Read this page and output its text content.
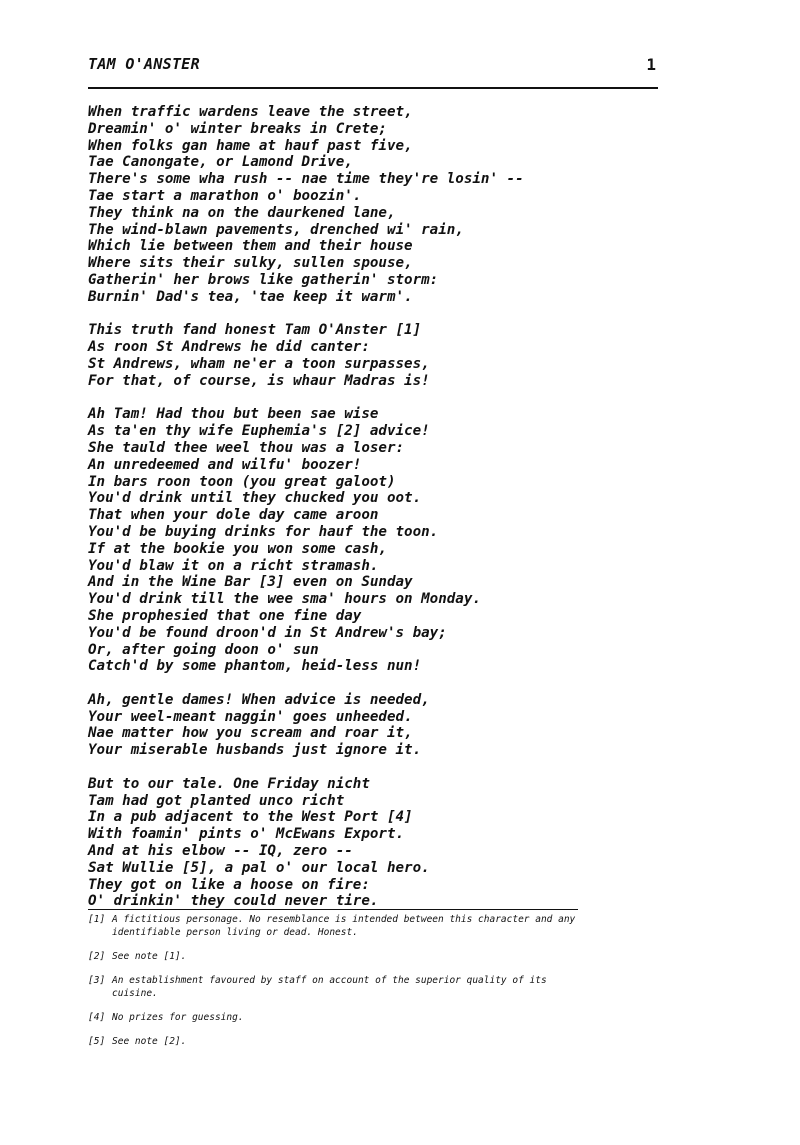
TAM O'ANSTER	1
When traffic wardens leave the street,
Dreamin' o' winter breaks in Crete;
When folks gan hame at hauf past five,
Tae Canongate, or Lamond Drive,
There's some wha rush -- nae time they're losin' --
Tae start a marathon o' boozin'.
They think na on the daurkened lane,
The wind-blawn pavements, drenched wi' rain,
Which lie between them and their house
Where sits their sulky, sullen spouse,
Gatherin' her brows like gatherin' storm:
Burnin' Dad's tea, 'tae keep it warm'.
This truth fand honest Tam O'Anster [1]
As roon St Andrews he did canter:
St Andrews, wham ne'er a toon surpasses,
For that, of course, is whaur Madras is!
Ah Tam! Had thou but been sae wise
As ta'en thy wife Euphemia's [2] advice!
She tauld thee weel thou was a loser:
An unredeemed and wilfu' boozer!
In bars roon toon (you great galoot)
You'd drink until they chucked you oot.
That when your dole day came aroon
You'd be buying drinks for hauf the toon.
If at the bookie you won some cash,
You'd blaw it on a richt stramash.
And in the Wine Bar [3] even on Sunday
You'd drink till the wee sma' hours on Monday.
She prophesied that one fine day
You'd be found droon'd in St Andrew's bay;
Or, after going doon o' sun
Catch'd by some phantom, heid-less nun!
Ah, gentle dames! When advice is needed,
Your weel-meant naggin' goes unheeded.
Nae matter how you scream and roar it,
Your miserable husbands just ignore it.
But to our tale. One Friday nicht
Tam had got planted unco richt
In a pub adjacent to the West Port [4]
With foamin' pints o' McEwans Export.
And at his elbow -- IQ, zero --
Sat Wullie [5], a pal o' our local hero.
They got on like a hoose on fire:
O' drinkin' they could never tire.
[1] A fictitious personage. No resemblance is intended between this character and any identifiable person living or dead. Honest.
[2] See note [1].
[3] An establishment favoured by staff on account of the superior quality of its cuisine.
[4] No prizes for guessing.
[5] See note [2].
